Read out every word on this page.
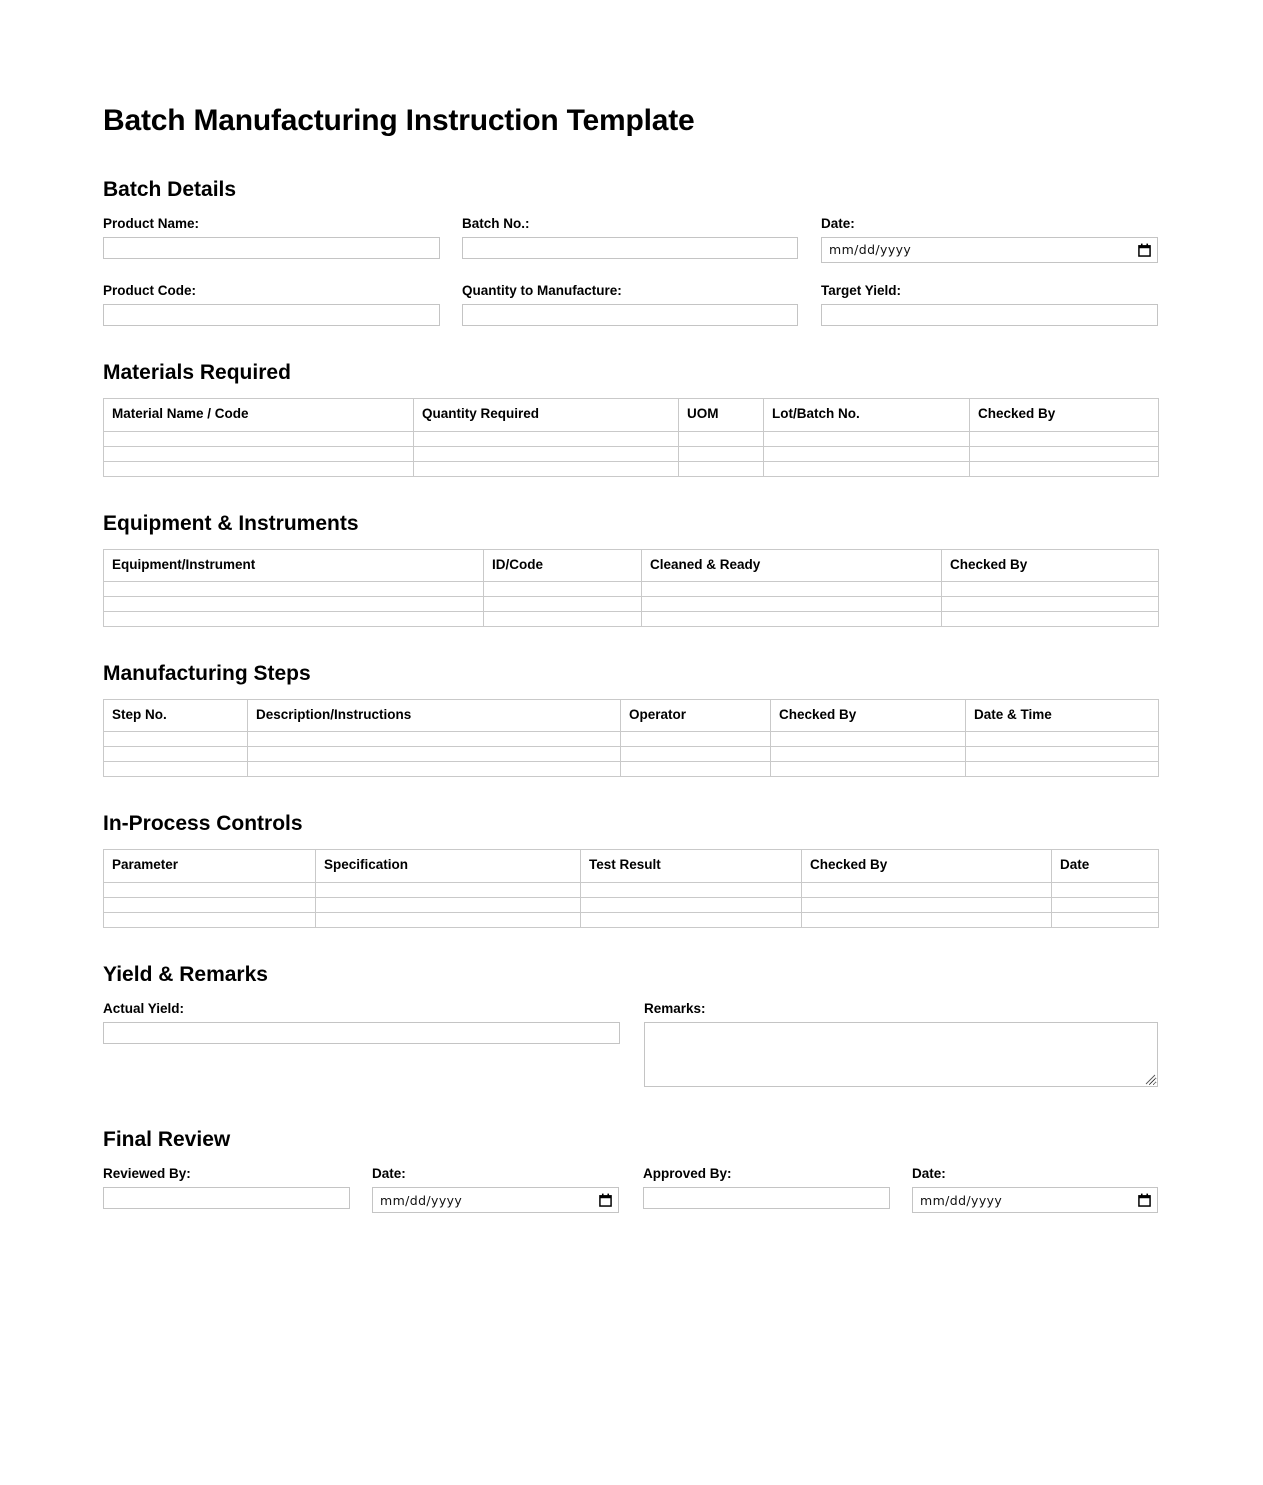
Batch Manufacturing Instruction Template
Batch Details
Product Name:	Batch No.:	Date:
mm/dd/yyyy
Product Code:	Quantity to Manufacture:	Target Yield:
Materials Required
Material Name / Code	Quantity Required	UOM	Lot/Batch No.	Checked By

Equipment & Instruments
Equipment/Instrument	ID/Code	Cleaned & Ready	Checked By

Manufacturing Steps
Step No.	Description/Instructions	Operator	Checked By	Date & Time

In-Process Controls
Parameter	Specification	Test Result	Checked By	Date

Yield & Remarks
Actual Yield:	Remarks:
Final Review
Reviewed By:	Date:
mm/dd/yyyy
Approved By:	Date:
mm/dd/yyyy
